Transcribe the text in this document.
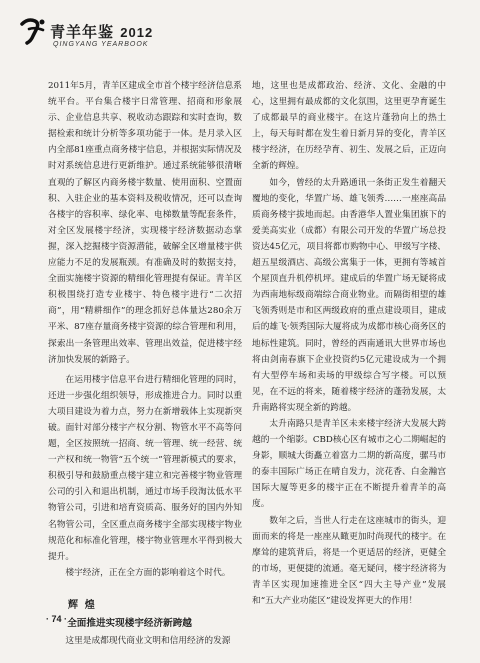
青羊年鉴 2012
QINGYANG YEARBOOK

2011年5月，青羊区建成全市首个楼宇经济信息系统平台。平台集合楼宇日常管理、招商和形象展示、企业信息共享、税收动态跟踪和实时查询，数据检索和统计分析等多项功能于一体。是月录入区内全部81座重点商务楼宇信息，并根据实际情况及时对系统信息进行更新维护。通过系统能够很清晰直观的了解区内商务楼宇数量、使用面积、空置面积、入驻企业的基本资料及税收情况，还可以查询各楼宇的容积率、绿化率、电梯数量等配套条件，对全区发展楼宇经济，实现楼宇经济数据动态掌握，深入挖掘楼宇资源潜能，破解全区增量楼宇供应能力不足的发展瓶颈。有准确及时的数据支持，全面实施楼宇资源的精细化管理提有保证。青羊区积极围绕打造专业楼宇、特色楼宇进行“二次招商”，用“精耕细作”的理念抓好总体量达280余万平米、87座存量商务楼宇资源的综合管理和利用，探索出一条管理出效率、管理出效益，促进楼宇经济加快发展的新路子。

在运用楼宇信息平台进行精细化管理的同时，还进一步强化组织领导，形成推进合力。同时以重大项目建设为着力点，努力在新增载体上实现新突破。面针对部分楼宇产权分割、物管水平不高等问题，全区按照统一招商、统一管理、统一经营、统一产权和统一物管“五个统一”管理新模式的要求，积极引导和鼓励重点楼宇建立和完善楼宇物业管理公司的引入和退出机制，通过市场手段淘汰低水平物管公司，引进和培育资质高、服务好的国内外知名物管公司，全区重点商务楼宇全部实现楼宇物业规范化和标准化管理，楼宇物业管理水平得到极大提升。

楼宇经济，正在全方面的影响着这个时代。

辉 煌
全面推进实现楼宇经济新跨越

这里是成都现代商业文明和信用经济的发源

地，这里也是成都政治、经济、文化、金融的中心，这里拥有最成都的文化氛围，这里更孕育诞生了成都最早的商业楼宇。在这片蓬勃向上的热土上，每天每时都在发生着日新月异的变化，青羊区楼宇经济，在历经孕育、初生、发展之后，正迈向全新的辉煌。

如今，曾经的太升路通讯一条街正发生着翻天覆地的变化，华置广场、雄飞领秀……一座座高品质商务楼宇拔地而起。由香港华人置业集团旗下的爱美高实业（成都）有限公司开发的华置广场总投资达45亿元，项目将都市购物中心、甲级写字楼、超五星级酒店、高级公寓集于一体，更拥有等城首个屋顶直升机停机坪。建成后的华置广场无疑将成为西南地标级商端综合商业物业。而隔街相望的雄飞领秀则是市和区两级政府的重点建设项目，建成后的雄飞·领秀国际大厦将成为成都市核心商务区的地标性建筑。同时，曾经的西南通讯大世界市场也将由剑南春旗下企业投资约5亿元建设成为一个拥有大型停车场和卖场的甲级综合写字楼。可以预见，在不远的将来，随着楼宇经济的蓬勃发展，太升南路将实现全新的跨越。

太升南路只是青羊区未来楼宇经济大发展大跨越的一个缩影。CBD核心区有城市之心二期崛起的身影，顺城大街矗立着富力二期的新高度，骡马市的泰丰国际广场正在晴自发力，浣花香、白金瀚宫国际大厦等更多的楼宇正在不断提升着青羊的高度。

数年之后，当世人行走在这座城市的街头，迎面而来的将是一座座从瞰更加时尚现代的楼宇。在摩耸的建筑背后，将是一个更适居的经济，更健全的市场，更便捷的流通。毫无疑问，楼宇经济将为青羊区实现加速推进全区“四大主导产业”发展和“五大产业功能区”建设发挥更大的作用！

· 74 ·
